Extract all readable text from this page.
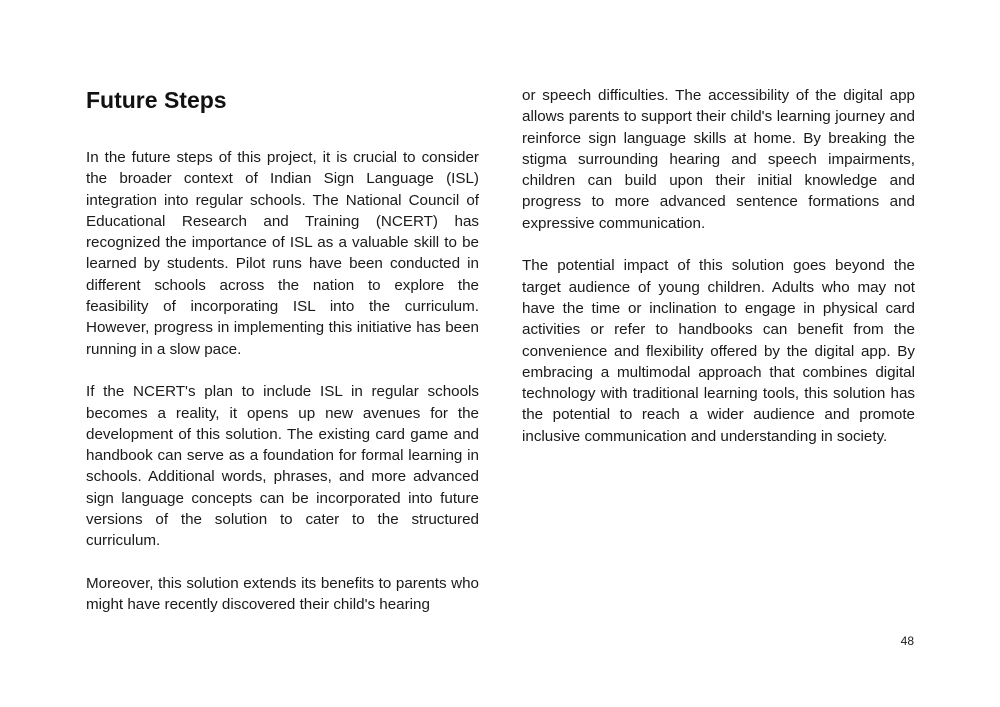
Future Steps

In the future steps of this project, it is crucial to consider the broader context of Indian Sign Language (ISL) integration into regular schools. The National Council of Educational Research and Training (NCERT) has recognized the importance of ISL as a valuable skill to be learned by students. Pilot runs have been conducted in different schools across the nation to explore the feasibility of incorporating ISL into the curriculum. However, progress in implementing this initiative has been running in a slow pace.

If the NCERT's plan to include ISL in regular schools becomes a reality, it opens up new avenues for the development of this solution. The existing card game and handbook can serve as a foundation for formal learning in schools. Additional words, phrases, and more advanced sign language concepts can be incorporated into future versions of the solution to cater to the structured curriculum.

Moreover, this solution extends its benefits to parents who might have recently discovered their child's hearing

or speech difficulties. The accessibility of the digital app allows parents to support their child's learning journey and reinforce sign language skills at home. By breaking the stigma surrounding hearing and speech impairments, children can build upon their initial knowledge and progress to more advanced sentence formations and expressive communication.

The potential impact of this solution goes beyond the target audience of young children. Adults who may not have the time or inclination to engage in physical card activities or refer to handbooks can benefit from the convenience and flexibility offered by the digital app. By embracing a multimodal approach that combines digital technology with traditional learning tools, this solution has the potential to reach a wider audience and promote inclusive communication and understanding in society.

48
